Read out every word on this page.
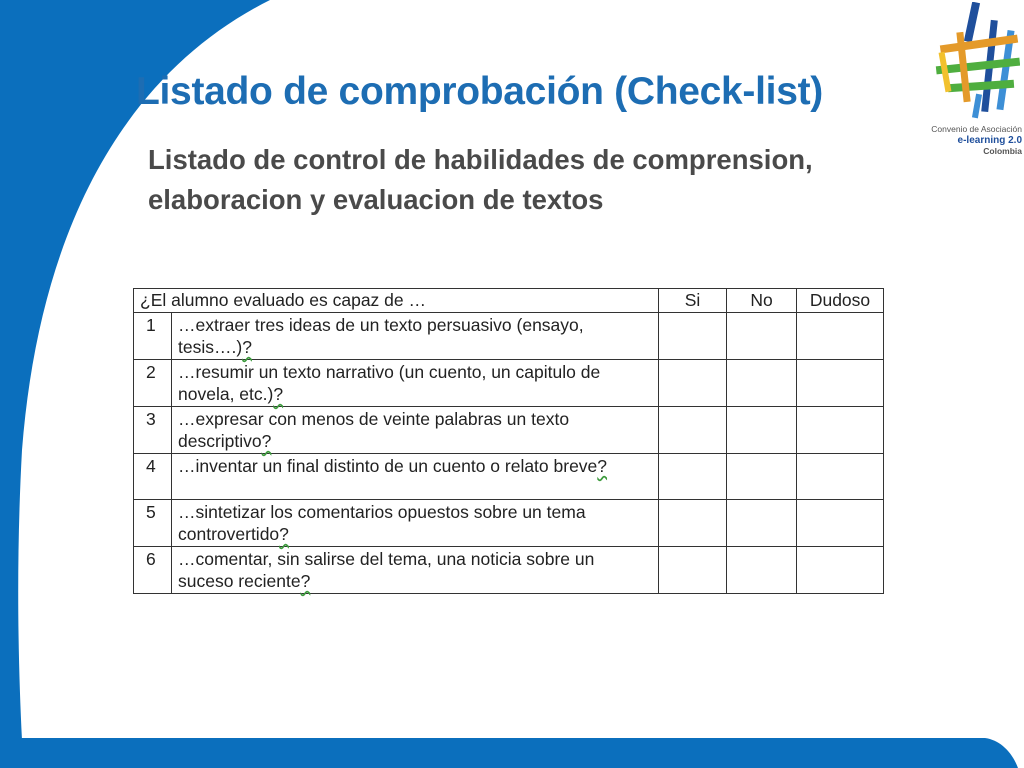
Convenio de Asociación
e-learning 2.0
Colombia
Listado de comprobación (Check-list)
Listado de control de habilidades de comprension, elaboracion y evaluacion de textos
¿El alumno evaluado es capaz de …		Si	No	Dudoso
1	…extraer tres ideas de un texto persuasivo (ensayo, tesis….)?			
2	…resumir un texto narrativo (un cuento, un capitulo de novela, etc.)?			
3	…expresar con menos de veinte palabras un texto descriptivo?			
4	…inventar un final distinto de un cuento o relato breve?			
5	…sintetizar los comentarios opuestos sobre un tema controvertido?			
6	…comentar, sin salirse del tema, una noticia sobre un suceso reciente?			
